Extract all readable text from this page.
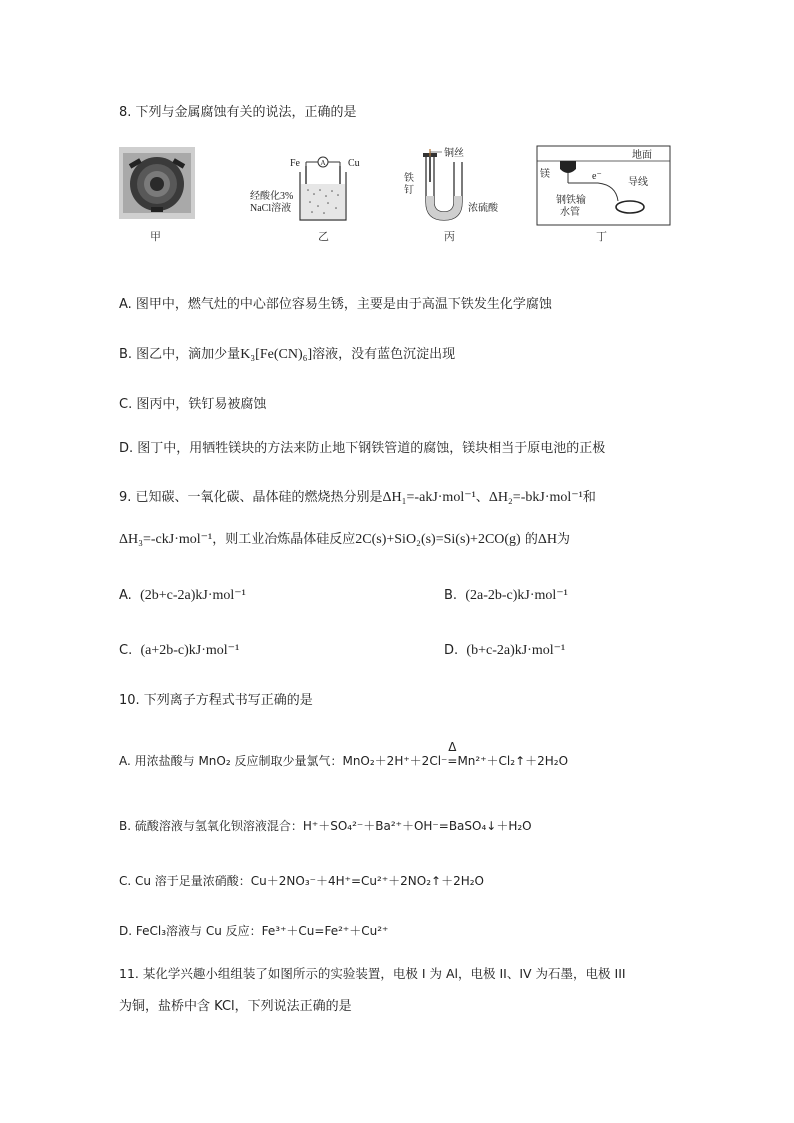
8. 下列与金属腐蚀有关的说法，正确的是
甲
A
Fe	Cu
经酸化3%
NaCl溶液
乙
铜丝
铁
钉
浓硫酸
丙
地面
镁	e⁻
导线
钢铁输
水管
丁
A. 图甲中，燃气灶的中心部位容易生锈，主要是由于高温下铁发生化学腐蚀
B. 图乙中，滴加少量K₃[Fe(CN)₆]溶液，没有蓝色沉淀出现
C. 图丙中，铁钉易被腐蚀
D. 图丁中，用牺牲镁块的方法来防止地下钢铁管道的腐蚀，镁块相当于原电池的正极
9. 已知碳、一氧化碳、晶体硅的燃烧热分别是ΔH₁=-akJ·mol⁻¹、ΔH₂=-bkJ·mol⁻¹和
ΔH₃=-ckJ·mol⁻¹，则工业冶炼晶体硅反应2C(s)+SiO₂(s)=Si(s)+2CO(g) 的ΔH为
A. (2b+c-2a)kJ·mol⁻¹	B. (2a-2b-c)kJ·mol⁻¹
C. (a+2b-c)kJ·mol⁻¹	D. (b+c-2a)kJ·mol⁻¹
10. 下列离子方程式书写正确的是
A. 用浓盐酸与 MnO₂ 反应制取少量氯气：MnO₂＋2H⁺＋2Cl⁻
Δ
=Mn²⁺＋Cl₂↑＋2H₂O
B. 硫酸溶液与氢氧化钡溶液混合：H⁺＋SO₄²⁻＋Ba²⁺＋OH⁻=BaSO₄↓＋H₂O
C. Cu 溶于足量浓硝酸：Cu＋2NO₃⁻＋4H⁺=Cu²⁺＋2NO₂↑＋2H₂O
D. FeCl₃溶液与 Cu 反应：Fe³⁺＋Cu=Fe²⁺＋Cu²⁺
11. 某化学兴趣小组组装了如图所示的实验装置，电极 I 为 Al，电极 II、IV 为石墨，电极 III
为铜，盐桥中含 KCl，下列说法正确的是
